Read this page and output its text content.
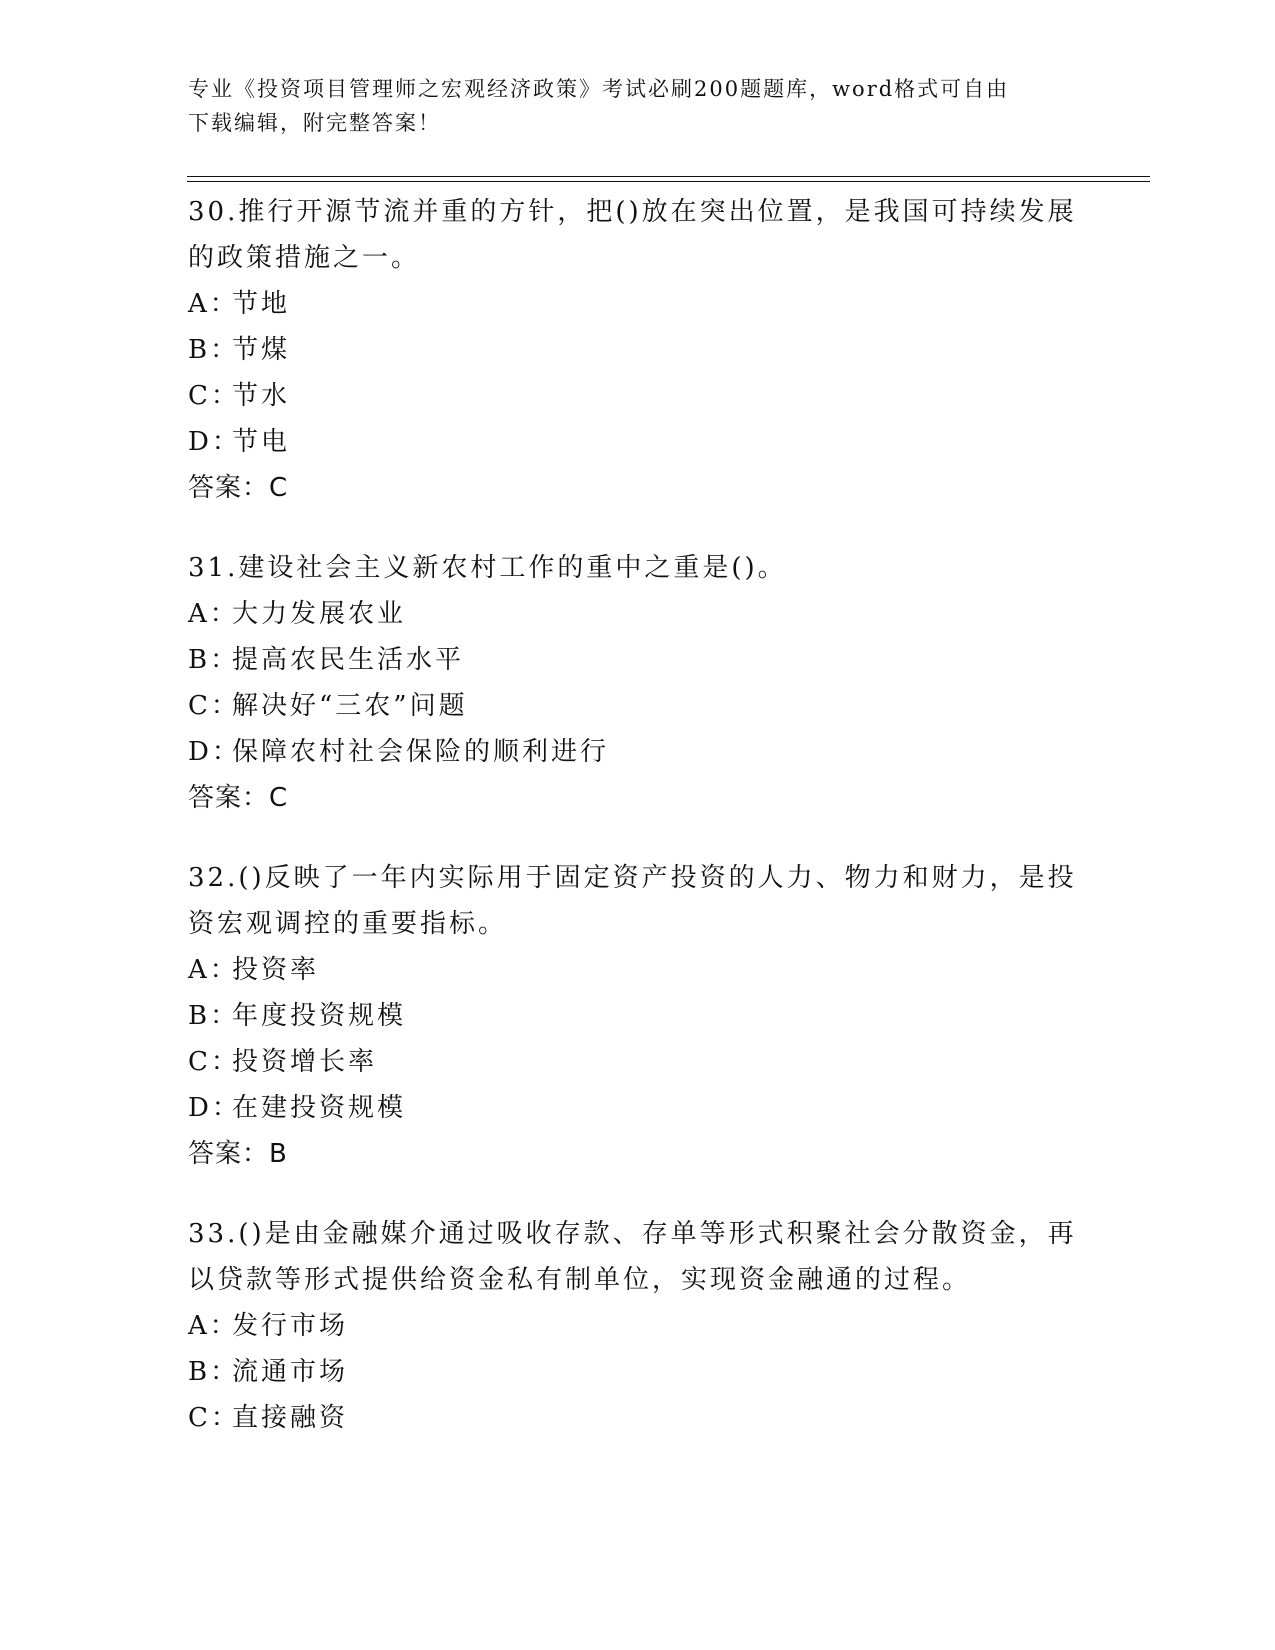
专业《投资项目管理师之宏观经济政策》考试必刷200题题库，word格式可自由
下载编辑，附完整答案！
30.推行开源节流并重的方针，把()放在突出位置，是我国可持续发展
的政策措施之一。
A：
节地
B：
节煤
C：
节水
D：
节电
答案：C
31.建设社会主义新农村工作的重中之重是()。
A：
大力发展农业
B：
提高农民生活水平
C：
解决好“三农”问题
D：
保障农村社会保险的顺利进行
答案：C
32.()反映了一年内实际用于固定资产投资的人力、物力和财力，是投
资宏观调控的重要指标。
A：
投资率
B：
年度投资规模
C：
投资增长率
D：
在建投资规模
答案：B
33.()是由金融媒介通过吸收存款、存单等形式积聚社会分散资金，再
以贷款等形式提供给资金私有制单位，实现资金融通的过程。
A：
发行市场
B：
流通市场
C：
直接融资
